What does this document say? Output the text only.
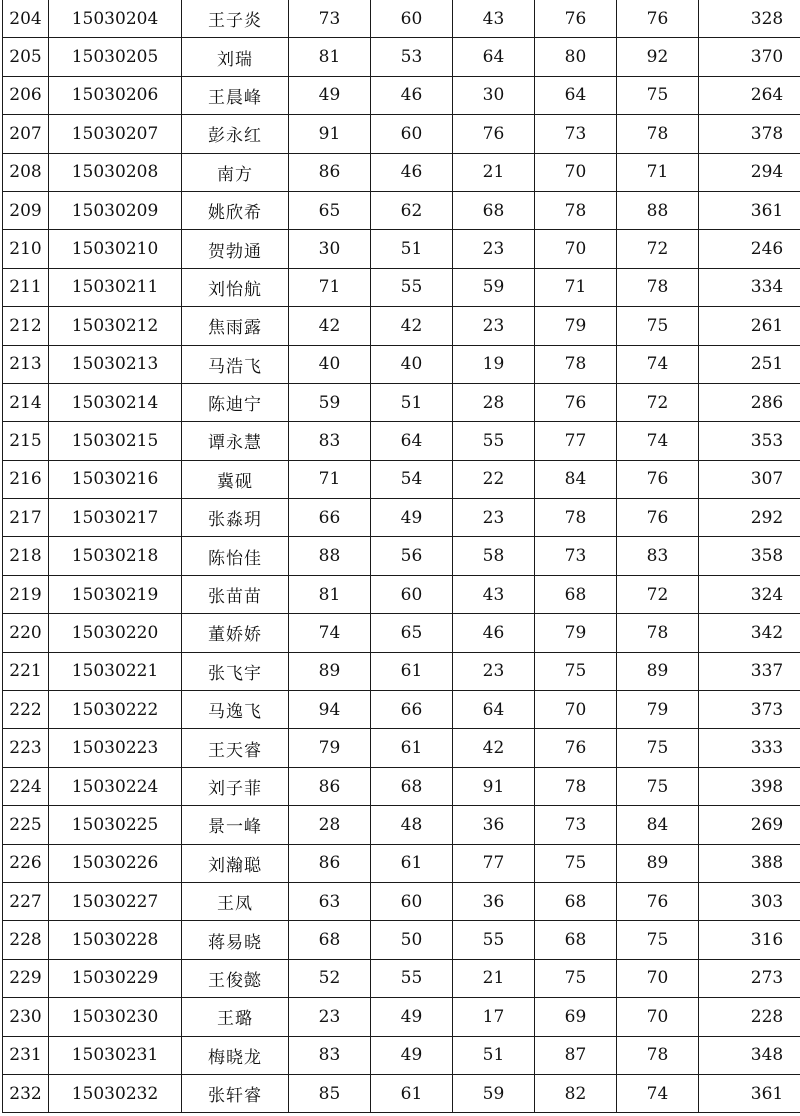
204	15030204	王子炎	73	60	43	76	76	328
205	15030205	刘瑞	81	53	64	80	92	370
206	15030206	王晨峰	49	46	30	64	75	264
207	15030207	彭永红	91	60	76	73	78	378
208	15030208	南方	86	46	21	70	71	294
209	15030209	姚欣希	65	62	68	78	88	361
210	15030210	贺勃通	30	51	23	70	72	246
211	15030211	刘怡航	71	55	59	71	78	334
212	15030212	焦雨露	42	42	23	79	75	261
213	15030213	马浩飞	40	40	19	78	74	251
214	15030214	陈迪宁	59	51	28	76	72	286
215	15030215	谭永慧	83	64	55	77	74	353
216	15030216	冀砚	71	54	22	84	76	307
217	15030217	张淼玥	66	49	23	78	76	292
218	15030218	陈怡佳	88	56	58	73	83	358
219	15030219	张苗苗	81	60	43	68	72	324
220	15030220	董娇娇	74	65	46	79	78	342
221	15030221	张飞宇	89	61	23	75	89	337
222	15030222	马逸飞	94	66	64	70	79	373
223	15030223	王天睿	79	61	42	76	75	333
224	15030224	刘子菲	86	68	91	78	75	398
225	15030225	景一峰	28	48	36	73	84	269
226	15030226	刘瀚聪	86	61	77	75	89	388
227	15030227	王凤	63	60	36	68	76	303
228	15030228	蒋易晓	68	50	55	68	75	316
229	15030229	王俊懿	52	55	21	75	70	273
230	15030230	王璐	23	49	17	69	70	228
231	15030231	梅晓龙	83	49	51	87	78	348
232	15030232	张轩睿	85	61	59	82	74	361
